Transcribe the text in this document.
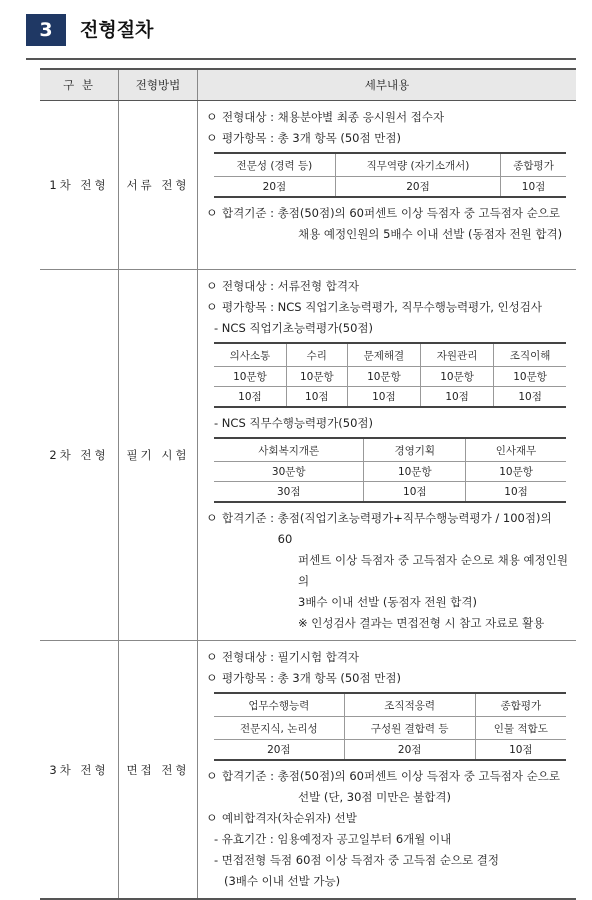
3	전형절차
구 분	전형방법	세부내용
1차 전형	서류 전형	
ㅇ 전형대상 :
채용분야별 최종 응시원서 접수자
ㅇ 평가항목 :
총 3개 항목 (50점 만점)
전문성 (경력 등)	직무역량 (자기소개서)	종합평가
20점	20점	10점
ㅇ 합격기준 :
총점(50점)의 60퍼센트 이상 득점자 중 고득점자 순으로
채용 예정인원의 5배수 이내 선발 (동점자 전원 합격)

2차 전형	필기 시험	
ㅇ 전형대상 :
서류전형 합격자
ㅇ 평가항목 :
NCS 직업기초능력평가, 직무수행능력평가, 인성검사
- NCS 직업기초능력평가(50점)
의사소통	수리	문제해결	자원관리	조직이해
10문항	10문항	10문항	10문항	10문항
10점	10점	10점	10점	10점
- NCS 직무수행능력평가(50점)
사회복지개론	경영기획	인사재무
30문항	10문항	10문항
30점	10점	10점
ㅇ 합격기준 :
총점(직업기초능력평가+직무수행능력평가 / 100점)의 60
퍼센트 이상 득점자 중 고득점자 순으로 채용 예정인원의
3배수 이내 선발 (동점자 전원 합격)
※ 인성검사 결과는 면접전형 시 참고 자료로 활용

3차 전형	면접 전형	
ㅇ 전형대상 :
필기시험 합격자
ㅇ 평가항목 :
총 3개 항목 (50점 만점)
업무수행능력	조직적응력	종합평가
전문지식, 논리성	구성원 결합력 등	인물 적합도
20점	20점	10점
ㅇ 합격기준 :
총점(50점)의 60퍼센트 이상 득점자 중 고득점자 순으로
선발 (단, 30점 미만은 불합격)
ㅇ 예비합격자(차순위자) 선발
- 유효기간 : 임용예정자 공고일부터 6개월 이내
- 면접전형 득점 60점 이상 득점자 중 고득점 순으로 결정
(3배수 이내 선발 가능)
